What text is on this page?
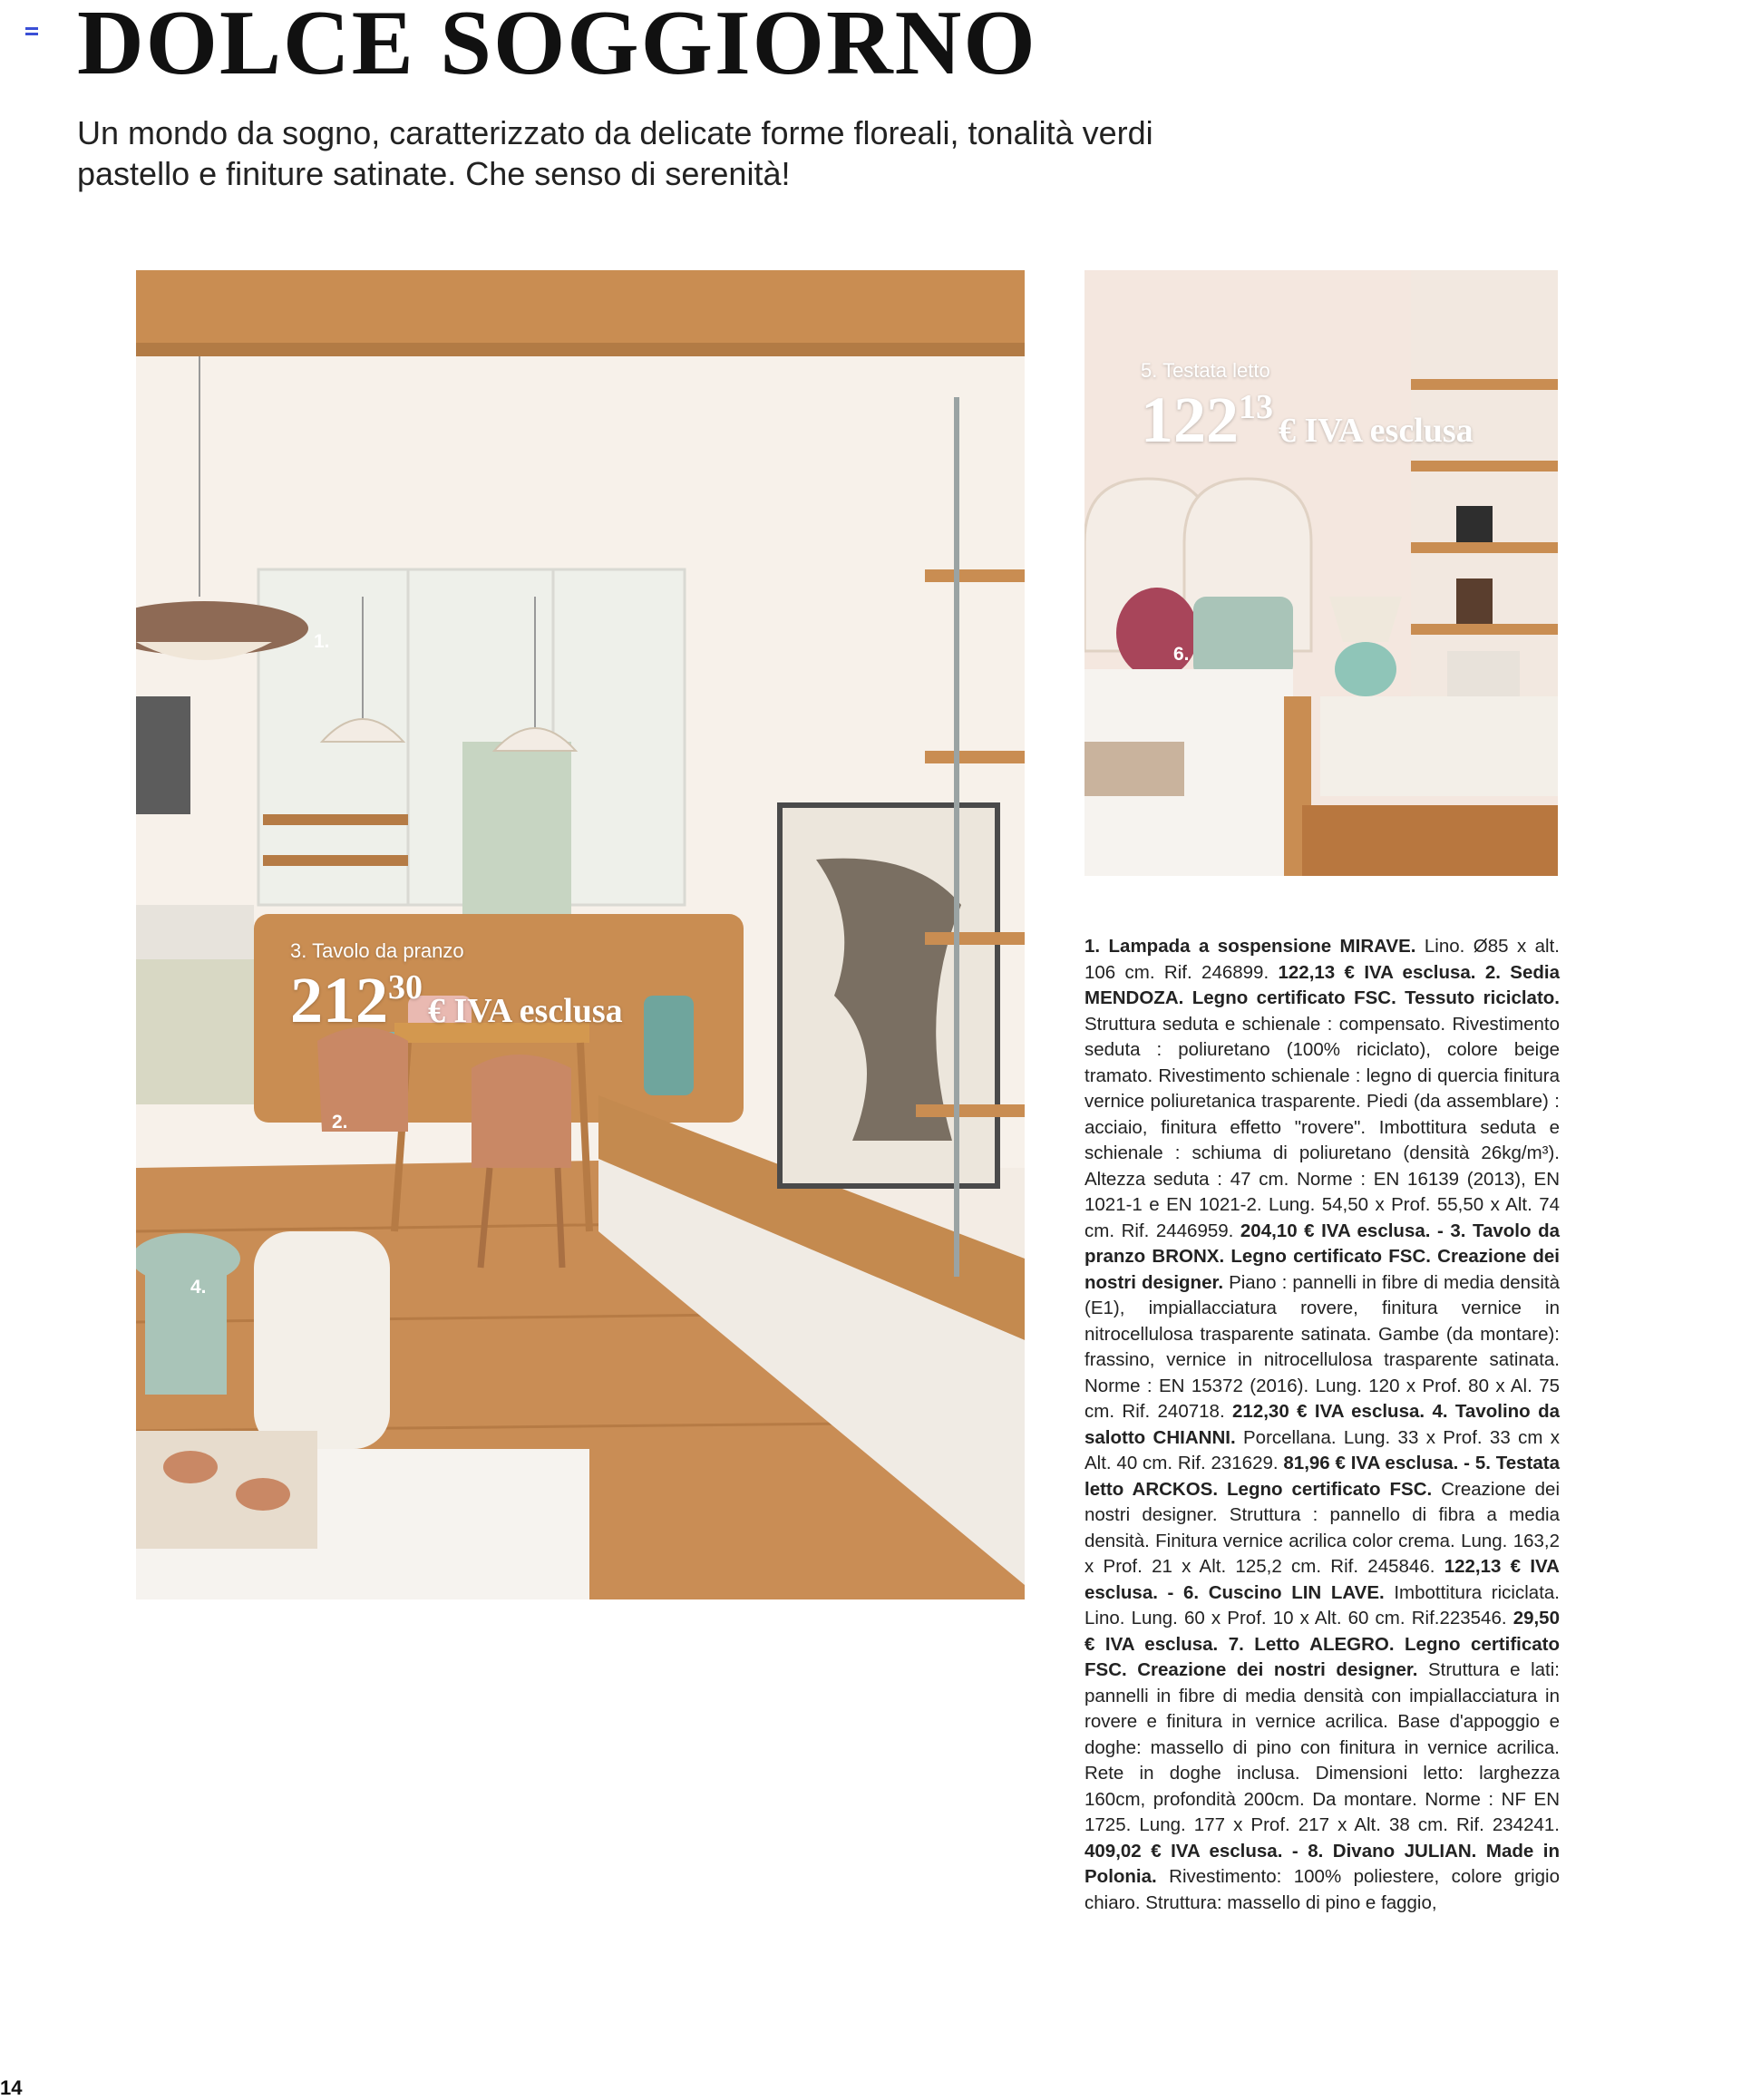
DOLCE SOGGIORNO

Un mondo da sogno, caratterizzato da delicate forme floreali, tonalità verdi pastello e finiture satinate. Che senso di serenità!

1.
2.
4.
3. Tavolo da pranzo
21230€ IVA esclusa
6.
5. Testata letto
12213€ IVA esclusa

1. Lampada a sospensione MIRAVE. Lino. Ø85 x alt. 106 cm. Rif. 246899. 122,13 € IVA esclusa. 2. Sedia MENDOZA. Legno certificato FSC. Tessuto riciclato. Struttura seduta e schienale : compensato. Rivestimento seduta : poliuretano (100% riciclato), colore beige tramato. Rivestimento schienale : legno di quercia finitura vernice poliuretanica trasparente. Piedi (da assemblare) : acciaio, finitura effetto "rovere". Imbottitura seduta e schienale : schiuma di poliuretano (densità 26kg/m³). Altezza seduta : 47 cm. Norme : EN 16139 (2013), EN 1021-1 e EN 1021-2. Lung. 54,50 x Prof. 55,50 x Alt. 74 cm. Rif. 2446959. 204,10 € IVA esclusa. - 3. Tavolo da pranzo BRONX. Legno certificato FSC. Creazione dei nostri designer. Piano : pannelli in fibre di media densità (E1), impiallacciatura rovere, finitura vernice in nitrocellulosa trasparente satinata. Gambe (da montare): frassino, vernice in nitrocellulosa trasparente satinata. Norme : EN 15372 (2016). Lung. 120 x Prof. 80 x Al. 75 cm. Rif. 240718. 212,30 € IVA esclusa. 4. Tavolino da salotto CHIANNI. Porcellana. Lung. 33 x Prof. 33 cm x Alt. 40 cm. Rif. 231629. 81,96 € IVA esclusa. - 5. Testata letto ARCKOS. Legno certificato FSC. Creazione dei nostri designer. Struttura : pannello di fibra a media densità. Finitura vernice acrilica color crema. Lung. 163,2 x Prof. 21 x Alt. 125,2 cm. Rif. 245846. 122,13 € IVA esclusa. - 6. Cuscino LIN LAVE. Imbottitura riciclata. Lino. Lung. 60 x Prof. 10 x Alt. 60 cm. Rif.223546. 29,50 € IVA esclusa. 7. Letto ALEGRO. Legno certificato FSC. Creazione dei nostri designer. Struttura e lati: pannelli in fibre di media densità con impiallacciatura in rovere e finitura in vernice acrilica. Base d'appoggio e doghe: massello di pino con finitura in vernice acrilica. Rete in doghe inclusa. Dimensioni letto: larghezza 160cm, profondità 200cm. Da montare. Norme : NF EN 1725. Lung. 177 x Prof. 217 x Alt. 38 cm. Rif. 234241. 409,02 € IVA esclusa. - 8. Divano JULIAN. Made in Polonia. Rivestimento: 100% poliestere, colore grigio chiaro. Struttura: massello di pino e faggio,

14
